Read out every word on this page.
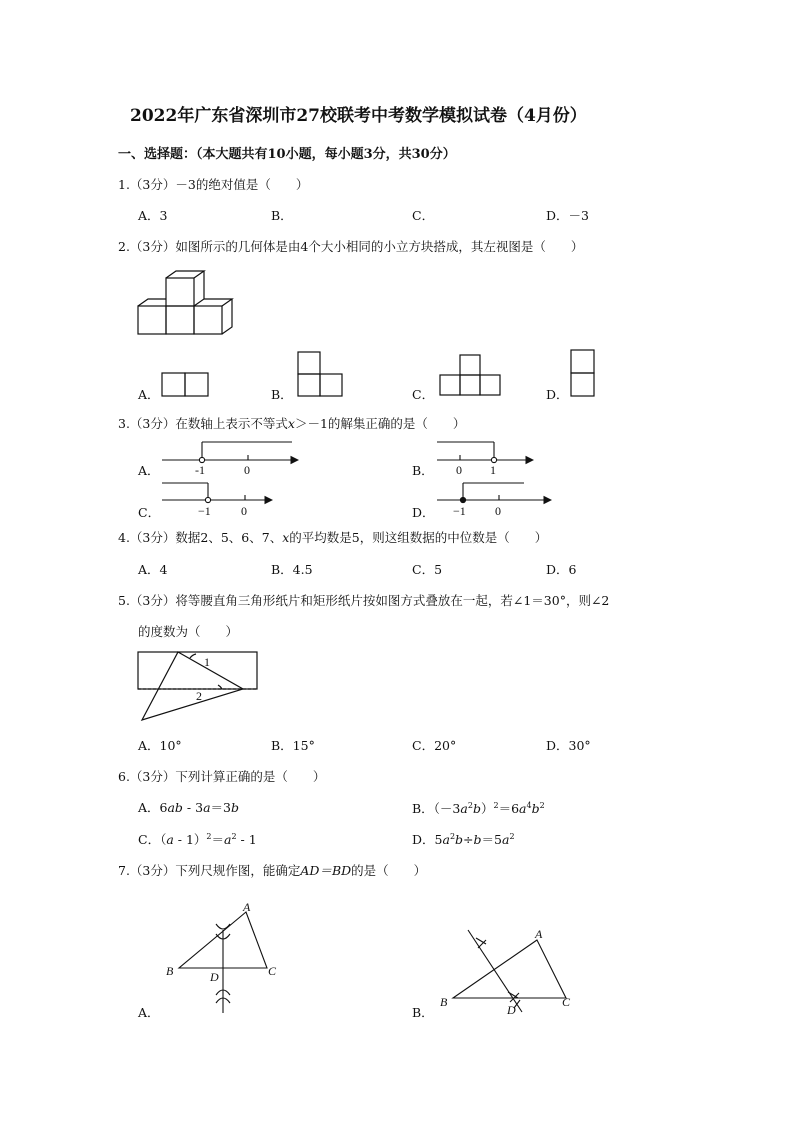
2022年广东省深圳市27校联考中考数学模拟试卷（4月份）
一、选择题：（本大题共有10小题，每小题3分，共30分）
1.（3分）－3的绝对值是（　　）
A．3	B．	C．	D．－3
2.（3分）如图所示的几何体是由4个大小相同的小立方块搭成，其左视图是（　　）
A．	B．	C．	D．
3.（3分）在数轴上表示不等式x＞－1的解集正确的是（　　）
A．	B．
C．	D．
-1	0	0 1
−1	0	−1 0
4.（3分）数据2、5、6、7、x的平均数是5，则这组数据的中位数是（　　）
A．4	B．4.5	C．5	D．6
5.（3分）将等腰直角三角形纸片和矩形纸片按如图方式叠放在一起，若∠1＝30°，则∠2
的度数为（　　）
1
2
A．10°	B．15°	C．20°	D．30°
6.（3分）下列计算正确的是（　　）
A．6ab - 3a＝3b	B．$(-3a^2b)^2=6a^4b^2$
C．$(a - 1)^2=a^2 - 1$	D．$5a^2b\div b=5a^2$
7.（3分）下列尺规作图，能确定AD＝BD的是（　　）
A
B	C
D
A
B	C
D
A．	B．
